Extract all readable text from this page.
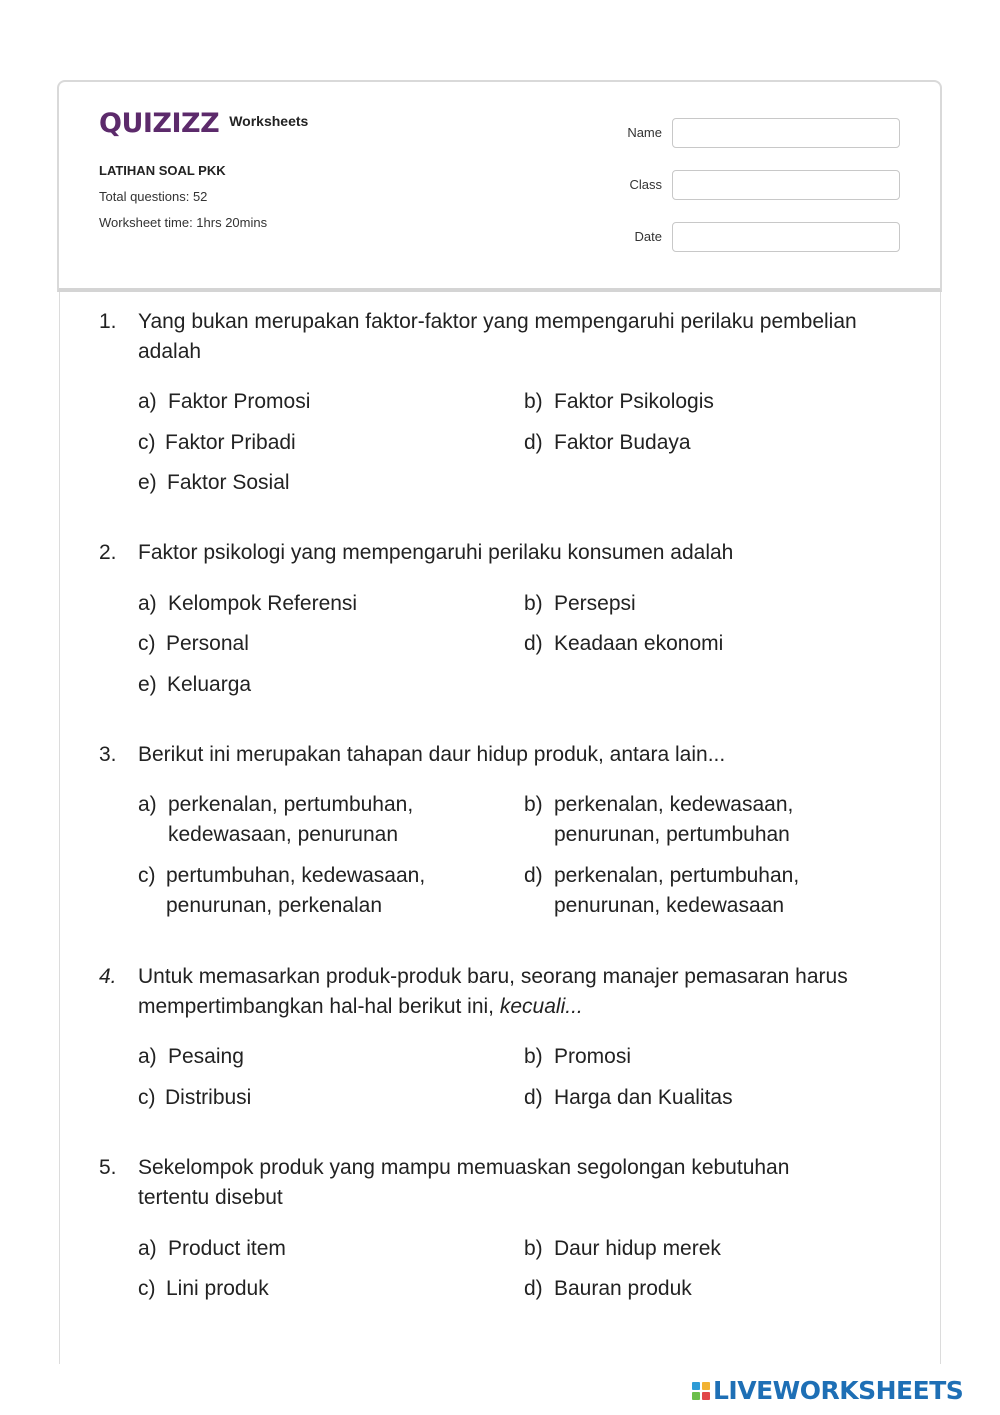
QUIZIZZ Worksheets
LATIHAN SOAL PKK
Total questions: 52
Worksheet time: 1hrs 20mins
Name
Class
Date
1. Yang bukan merupakan faktor-faktor yang mempengaruhi perilaku pembelian adalah
a) Faktor Promosi	b) Faktor Psikologis
c) Faktor Pribadi	d) Faktor Budaya
e) Faktor Sosial
2. Faktor psikologi yang mempengaruhi perilaku konsumen adalah
a) Kelompok Referensi	b) Persepsi
c) Personal	d) Keadaan ekonomi
e) Keluarga
3. Berikut ini merupakan tahapan daur hidup produk, antara lain...
a) perkenalan, pertumbuhan, kedewasaan, penurunan
b) perkenalan, kedewasaan, penurunan, pertumbuhan
c) pertumbuhan, kedewasaan, penurunan, perkenalan
d) perkenalan, pertumbuhan, penurunan, kedewasaan
4. Untuk memasarkan produk-produk baru, seorang manajer pemasaran harus mempertimbangkan hal-hal berikut ini, kecuali...
a) Pesaing	b) Promosi
c) Distribusi	d) Harga dan Kualitas
5. Sekelompok produk yang mampu memuaskan segolongan kebutuhan tertentu disebut
a) Product item	b) Daur hidup merek
c) Lini produk	d) Bauran produk
LIVEWORKSHEETS
